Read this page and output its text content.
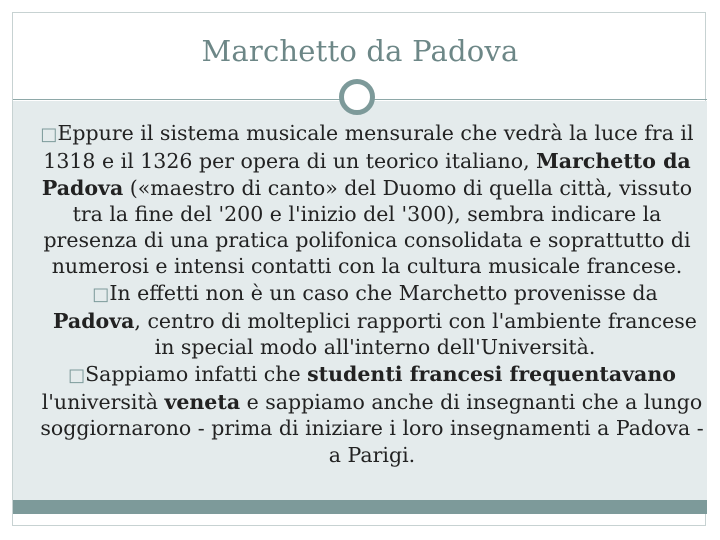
Marchetto da Padova

□Eppure il sistema musicale mensurale che vedrà la luce fra il 1318 e il 1326 per opera di un teorico italiano, Marchetto da Padova («maestro di canto» del Duomo di quella città, vissuto tra la fine del '200 e l'inizio del '300), sembra indicare la presenza di una pratica polifonica consolidata e soprattutto di numerosi e intensi contatti con la cultura musicale francese.

□In effetti non è un caso che Marchetto provenisse da Padova, centro di molteplici rapporti con l'ambiente francese in special modo all'interno dell'Università.

□Sappiamo infatti che studenti francesi frequentavano l'università veneta e sappiamo anche di insegnanti che a lungo soggiornarono - prima di iniziare i loro insegnamenti a Padova - a Parigi.
